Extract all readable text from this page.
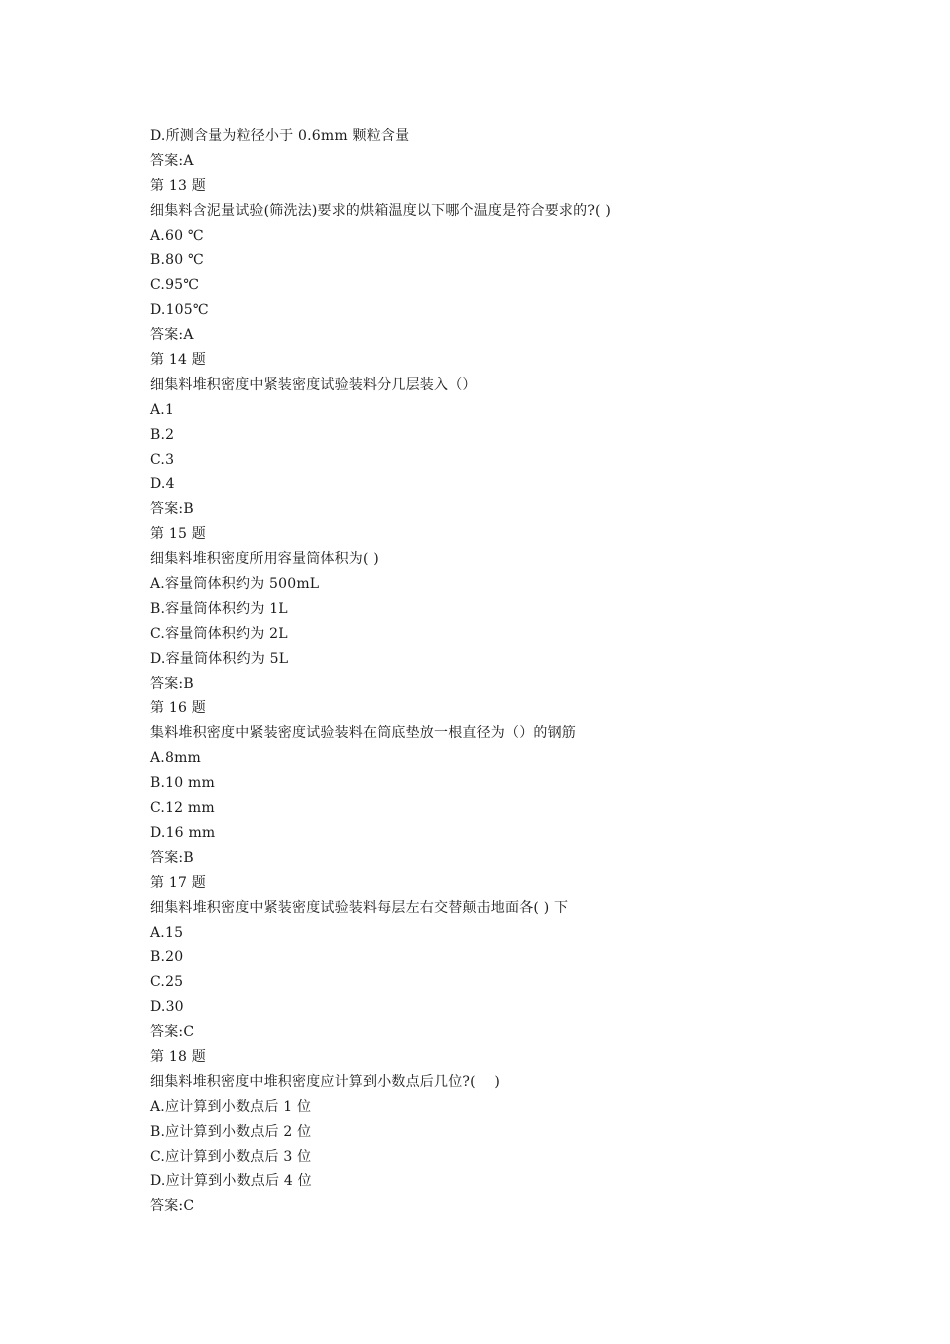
D.所测含量为粒径小于 0.6mm 颗粒含量
答案:A
第 13 题
细集料含泥量试验(筛洗法)要求的烘箱温度以下哪个温度是符合要求的?( )
A.60 ℃
B.80 ℃
C.95℃
D.105℃
答案:A
第 14 题
细集料堆积密度中紧装密度试验装料分几层装入（）
A.1
B.2
C.3
D.4
答案:B
第 15 题
细集料堆积密度所用容量筒体积为( )
A.容量筒体积约为 500mL
B.容量筒体积约为 1L
C.容量筒体积约为 2L
D.容量筒体积约为 5L
答案:B
第 16 题
集料堆积密度中紧装密度试验装料在筒底垫放一根直径为（）的钢筋
A.8mm
B.10 mm
C.12 mm
D.16 mm
答案:B
第 17 题
细集料堆积密度中紧装密度试验装料每层左右交替颠击地面各( ) 下
A.15
B.20
C.25
D.30
答案:C
第 18 题
细集料堆积密度中堆积密度应计算到小数点后几位?(    )
A.应计算到小数点后 1 位
B.应计算到小数点后 2 位
C.应计算到小数点后 3 位
D.应计算到小数点后 4 位
答案:C
